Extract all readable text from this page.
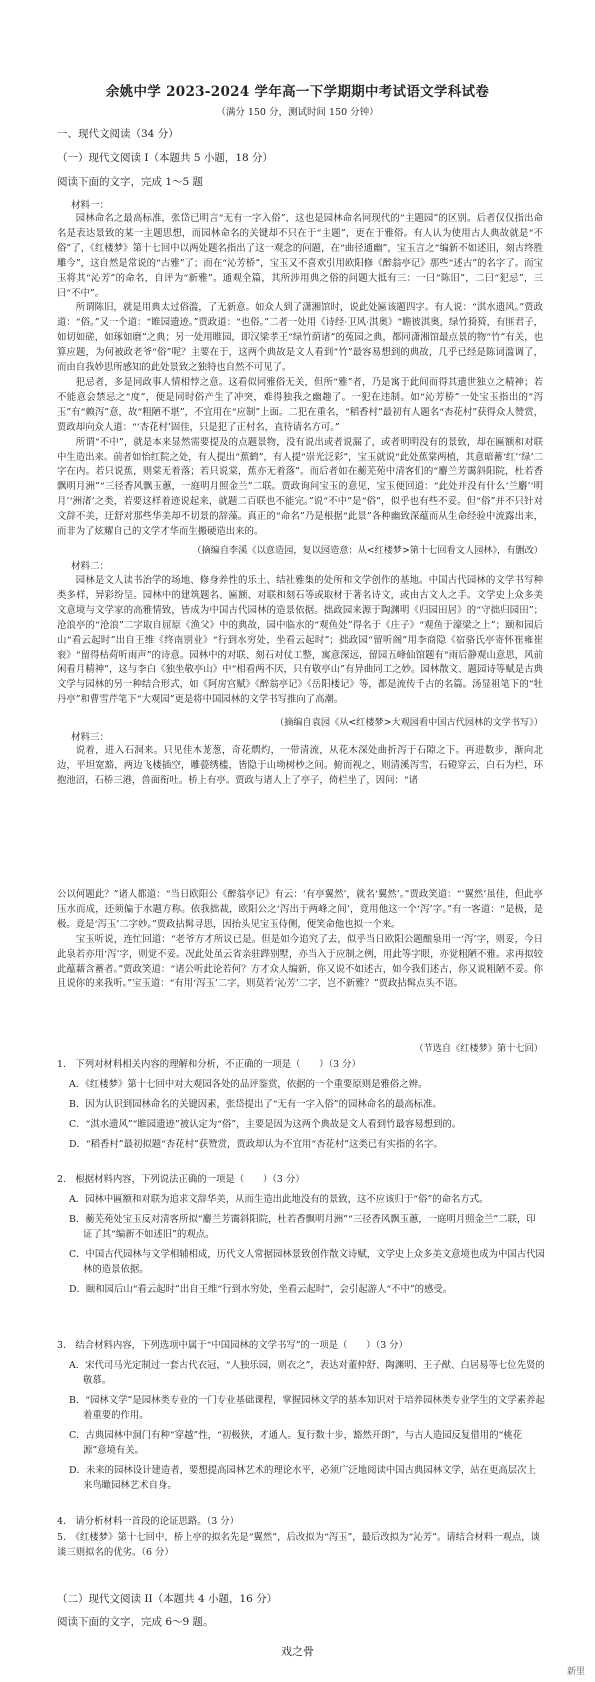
余姚中学 2023-2024 学年高一下学期期中考试语文学科试卷
（满分 150 分，测试时间 150 分钟）
一、现代文阅读（34 分）
（一）现代文阅读 I（本题共 5 小题，18 分）
阅读下面的文字，完成 1～5 题
材料一：

园林命名之最高标准，张岱已明言“无有一字入俗”，这也是园林命名同现代的“主题园”的区别。后者仅仅指出命名是表达景致的某一主题思想，而园林命名的关键却不只在于“主题”，更在于雅俗。有人认为使用古人典故就是“不俗”了，《红楼梦》第十七回中以两处题名指出了这一观念的问题，在“曲径通幽”，宝玉言之“编新不如述旧，刻古终胜雕今”，这自然是常说的“古雅”了；而在“沁芳桥”，宝玉又不喜欢引用欧阳修《醉翁亭记》那些“述古”的名字了。而宝玉将其“沁芳”的命名，自评为“新雅”。通观全篇，其所涉用典之俗的问题大抵有三：一曰“陈旧”，二曰“犯忌”，三曰“不中”。

所谓陈旧，就是用典太过俗滥，了无新意。如众人到了潇湘馆时，说此处匾该题四字。有人说：“淇水遗风。”贾政道：“俗。”又一个道：“睢园遗迹。”贾政道：“也俗。”二者一处用《诗经·卫风·淇奥》“瞻彼淇奥，绿竹猗猗，有匪君子，如切如磋，如琢如磨”之典；另一处用睢园，即汉梁孝王“绿竹荫诸”的菟园之典，都同潇湘馆最点景的物“竹”有关，也算应题，为何被政老爷“俗”呢？主要在于，这两个典故是文人看到“竹”最容易想到的典故，几乎已经是陈词滥调了，而由自我妙思所感知的此处景致之独特也自然不可见了。

犯忌者，多是同政事人情相悖之意。这看似同雅俗无关，但所“雅”者，乃是寓于此间而得其遗世独立之精神；若不能意会禁忌之“度”，便是同时俗产生了冲突，难得独我之幽趣了。一犯在违制。如“沁芳桥”一处宝玉指出的“泻玉”有“赖泻”意，故“粗陋不堪”，不宜用在“应制”上面。二犯在重名，“稻香村”最初有人题名“杏花村”获得众人赞赏，贾政却向众人道：“‘杏花村’固佳，只是犯了正村名，直待请名方可。”

所谓“不中”，就是本来显然需要提及的点题景物，没有说出或者说漏了，或者明明没有的景致，却在匾额和对联中生造出来。前者如怡红院之处，有人提出“蕉鹤”，有人提“崇光泛彩”，宝玉就说“此处蕉棠两植，其意暗蓄‘红’‘绿’二字在内。若只说蕉，则棠无着落；若只说棠，蕉亦无着落”。而后者如在蘅芜苑中清客们的“麝兰芳霭斜阳院，杜若香飘明月洲”“三径香风飘玉蕙，一庭明月照金兰”二联。贾政询问宝玉的意见，宝玉便回道：“此处并没有什么‘兰麝’‘明月’‘洲渚’之类，若要这样着迹说起来，就题二百联也不能完。”说“不中”是“俗”，似乎也有些不妥。但“俗”并不只针对文辞不美，迂舒对那些华美却不切景的辞藻。真正的“命名”乃是根据“此景”各种幽致深蕴而从生命经验中流露出来，而非为了炫耀自己的文学才华而生搬硬造出来的。

（摘编自李溪《以意造园，复以园造意：从<红楼梦>第十七回看文人园林》，有删改）
材料二：

园林是文人读书治学的场地、修身养性的乐土、结社雅集的处所和文学创作的基地。中国古代园林的文学书写种类多样，异彩纷呈。园林中的建筑题名、匾额、对联和刻石等或取材于著名诗文，或由古文人之手。文学史上众多美文意境与文学家的高雅情致，皆成为中国古代园林的造景依据。拙政园来源于陶渊明《归园田居》的“守拙归园田”；沧浪亭的“沧浪”二字取自屈原《渔父》中的典故，园中临水的“观鱼处”得名于《庄子》“观鱼于濠梁之上”；颐和园后山“看云起时”出自王维《终南别业》“行到水穷处，坐看云起时”；拙政园“留听阁”用李商隐《宿骆氏亭寄怀崔雍崔衮》“留得枯荷听雨声”的诗意。园林中的对联、刻石对仗工整，寓意深远，留园五峰仙馆题有“雨后静观山意思，风前闲看月精神”，这与李白《独坐敬亭山》中“相看两不厌，只有敬亭山”有异曲同工之妙。园林散文、题园诗等赋是古典文学与园林的另一种结合形式，如《阿房宫赋》《醉翁亭记》《岳阳楼记》等，都是流传千古的名篇。汤显祖笔下的“牡丹亭”和曹雪芹笔下“大观园”更是将中国园林的文学书写推向了高潮。

（摘编自袁园《从<红楼梦>大观园看中国古代园林的文学书写》）
材料三：

说着，进入石洞来。只见佳木茏葱，奇花熌灼，一带清流，从花木深处曲折泻于石隙之下。再进数步，渐向北边，平坦宽豁，两边飞楼插空，雕甍绣槛，皆隐于山坳树杪之间。俯而视之，则清溪泻雪，石磴穿云，白石为栏，环抱池沼，石桥三港，兽面衔吐。桥上有亭。贾政与诸人上了亭子，倚栏坐了，因问：“诸

公以何题此？”诸人都道：“当日欧阳公《醉翁亭记》有云：‘有亭翼然’，就名‘翼然’。”贾政笑道：“‘翼然’虽佳，但此亭压水而成，还须偏于水题方称。依我拙裁，欧阳公之‘泻出于两峰之间’，竟用他这一个‘泻’字。”有一客道：“是极，是极。竟是‘泻玉’二字妙。”贾政拈髯寻思，因抬头见宝玉侍侧，便笑命他也拟一个来。

宝玉听说，连忙回道：“老爷方才所议已是。但是如今追究了去，似乎当日欧阳公题酿泉用一‘泻’字，则妥，今日此泉若亦用‘泻’字，则觉不妥。况此处虽云省亲驻跸别墅，亦当入于应制之例，用此等字眼，亦觉粗陋不雅。求再拟较此蕴藉含蓄者。”贾政笑道：“诸公听此论若何？方才众人编新，你又说不如述古，如今我们述古，你又说粗陋不妥。你且说你的来我听。”宝玉道：“有用‘泻玉’二字，则莫若‘沁芳’二字，岂不新雅？”贾政拈髯点头不语。

（节选自《红楼梦》第十七回）
1.　下列对材料相关内容的理解和分析，不正确的一项是（　　）（3 分）
A．《红楼梦》第十七回中对大观园各处的品评鉴赏，依据的一个重要原则是雅俗之辨。
B．因为认识到园林命名的关键因素，张岱提出了“无有一字入俗”的园林命名的最高标准。
C．“淇水遗风”“睢园遗迹”被认定为“俗”，主要是因为这两个典故是文人看到竹最容易想到的。
D．“稻香村”最初拟题“杏花村”获赞赏，贾政却认为不宜用“杏花村”这类已有实指的名字。
2.　根据材料内容，下列说法正确的一项是（　　）（3 分）
A．园林中匾额和对联为追求文辞华美，从而生造出此地没有的景致，这不应该归于“俗”的命名方式。
B．蘅芜苑处宝玉反对清客所拟“麝兰芳霭斜阳院，杜若香飘明月洲”“三径香风飘玉蕙，一庭明月照金兰”二联，印证了其“编新不如述旧”的观点。
C．中国古代园林与文学相辅相成，历代文人常据园林景致创作散文诗赋，文学史上众多美文意境也成为中国古代园林的造景依据。
D．颐和园后山“看云起时”出自王维“行到水穷处，坐看云起时”，会引起游人“不中”的感受。
3.　结合材料内容，下列选项中属于“中国园林的文学书写”的一项是（　　）（3 分）
A．宋代司马光定制过一套古代衣冠，“人独乐园，则衣之”，表达对董仲舒、陶渊明、王子猷、白居易等七位先贤的敬慕。
B．“园林文学”是园林类专业的一门专业基础课程，掌握园林文学的基本知识对于培养园林类专业学生的文学素养起着重要的作用。
C．古典园林中洞门有种“穿越”性，“初极狭，才通人。复行数十步，豁然开朗”，与古人造园反复借用的“桃花源”意境有关。
D．未来的园林设计建造者，要想提高园林艺术的理论水平，必须广泛地阅读中国古典园林文学，站在更高层次上来鸟瞰园林艺术自身。
4.　请分析材料一首段的论证思路。（3 分）
5.　《红楼梦》第十七回中，桥上亭的拟名先是“翼然”，后改拟为“泻玉”，最后改拟为“沁芳”。请结合材料一观点，谈谈三则拟名的优劣。（6 分）
（二）现代文阅读 II（本题共 4 小题，16 分）
阅读下面的文字，完成 6～9 题。
戏之骨
新里
